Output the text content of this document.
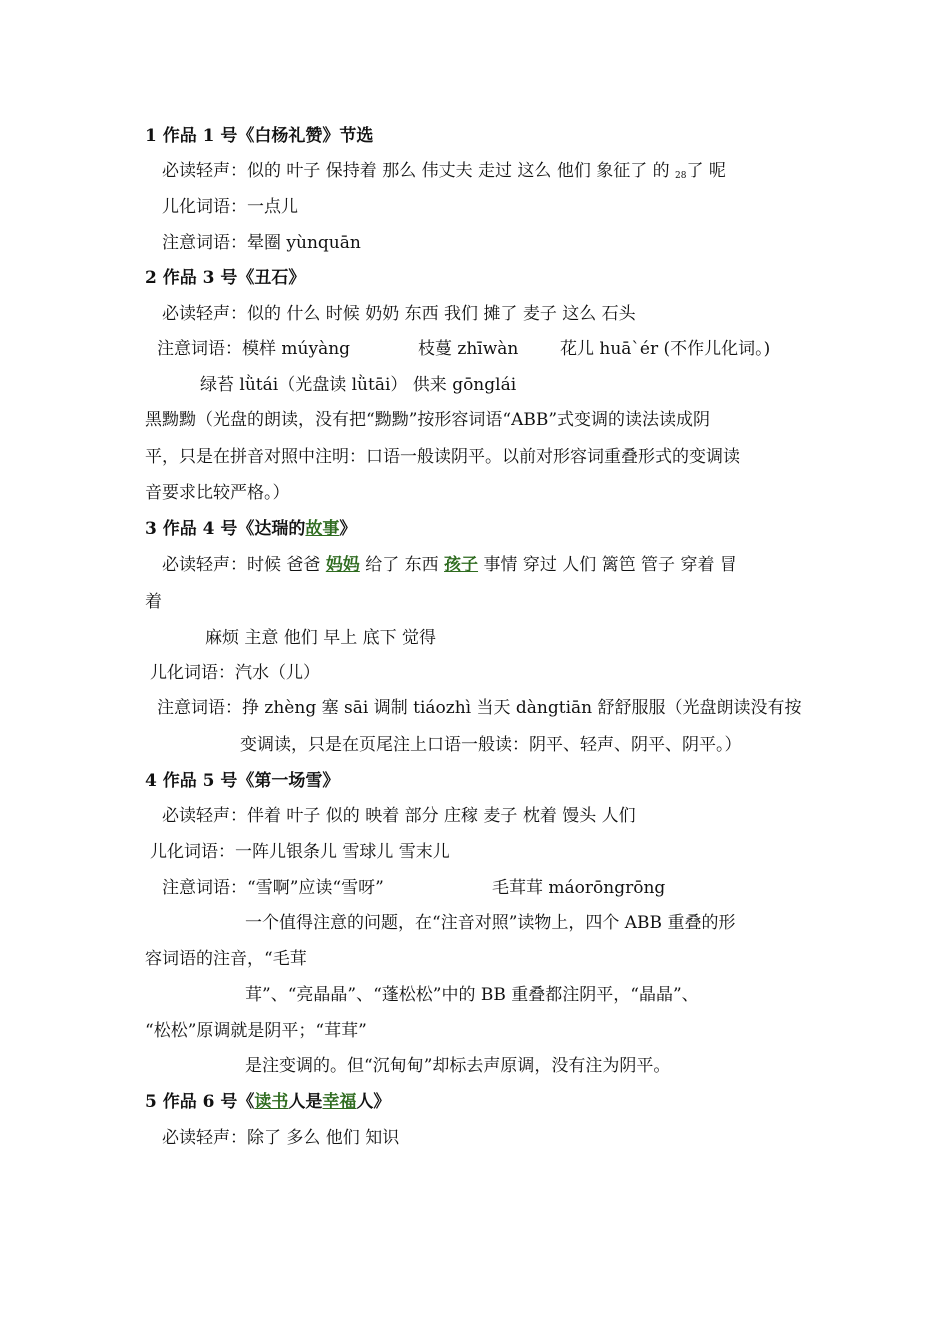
1 作品 1 号《白杨礼赞》节选
必读轻声：似的 叶子 保持着 那么 伟丈夫 走过 这么 他们 象征了 的 $_{28}$了 呢
儿化词语：一点儿
注意词语：晕圈 yùnquān
2 作品 3 号《丑石》
必读轻声：似的 什么 时候 奶奶 东西 我们 摊了 麦子 这么 石头
注意词语：模样 múyàng	枝蔓 zhīwàn 花儿 huā`ér (不作儿化词。)
绿苔 lǜtái（光盘读 lǜtāi） 供来 gōnglái
黑黝黝（光盘的朗读，没有把“黝黝”按形容词语“ABB”式变调的读法读成阴
平，只是在拼音对照中注明：口语一般读阴平。以前对形容词重叠形式的变调读
音要求比较严格。）
3 作品 4 号《达瑞的故事》
必读轻声：时候 爸爸 妈妈 给了 东西 孩子 事情 穿过 人们 篱笆 管子 穿着 冒
着
麻烦 主意 他们 早上 底下 觉得
儿化词语：汽水（儿）
注意词语：挣 zhèng 塞 sāi 调制 tiáozhì 当天 dàngtiān 舒舒服服（光盘朗读没有按
变调读，只是在页尾注上口语一般读：阴平、轻声、阴平、阴平。）
4 作品 5 号《第一场雪》
必读轻声：伴着 叶子 似的 映着 部分 庄稼 麦子 枕着 馒头 人们
儿化词语：一阵儿银条儿 雪球儿 雪末儿
注意词语：“雪啊”应读“雪呀”	毛茸茸 máorōngrōng
一个值得注意的问题，在“注音对照”读物上，四个 ABB 重叠的形
容词语的注音，“毛茸
茸”、“亮晶晶”、“蓬松松”中的 BB 重叠都注阴平，“晶晶”、
“松松”原调就是阴平；“茸茸”
是注变调的。但“沉甸甸”却标去声原调，没有注为阴平。
5 作品 6 号《读书人是幸福人》
必读轻声：除了 多么 他们 知识
